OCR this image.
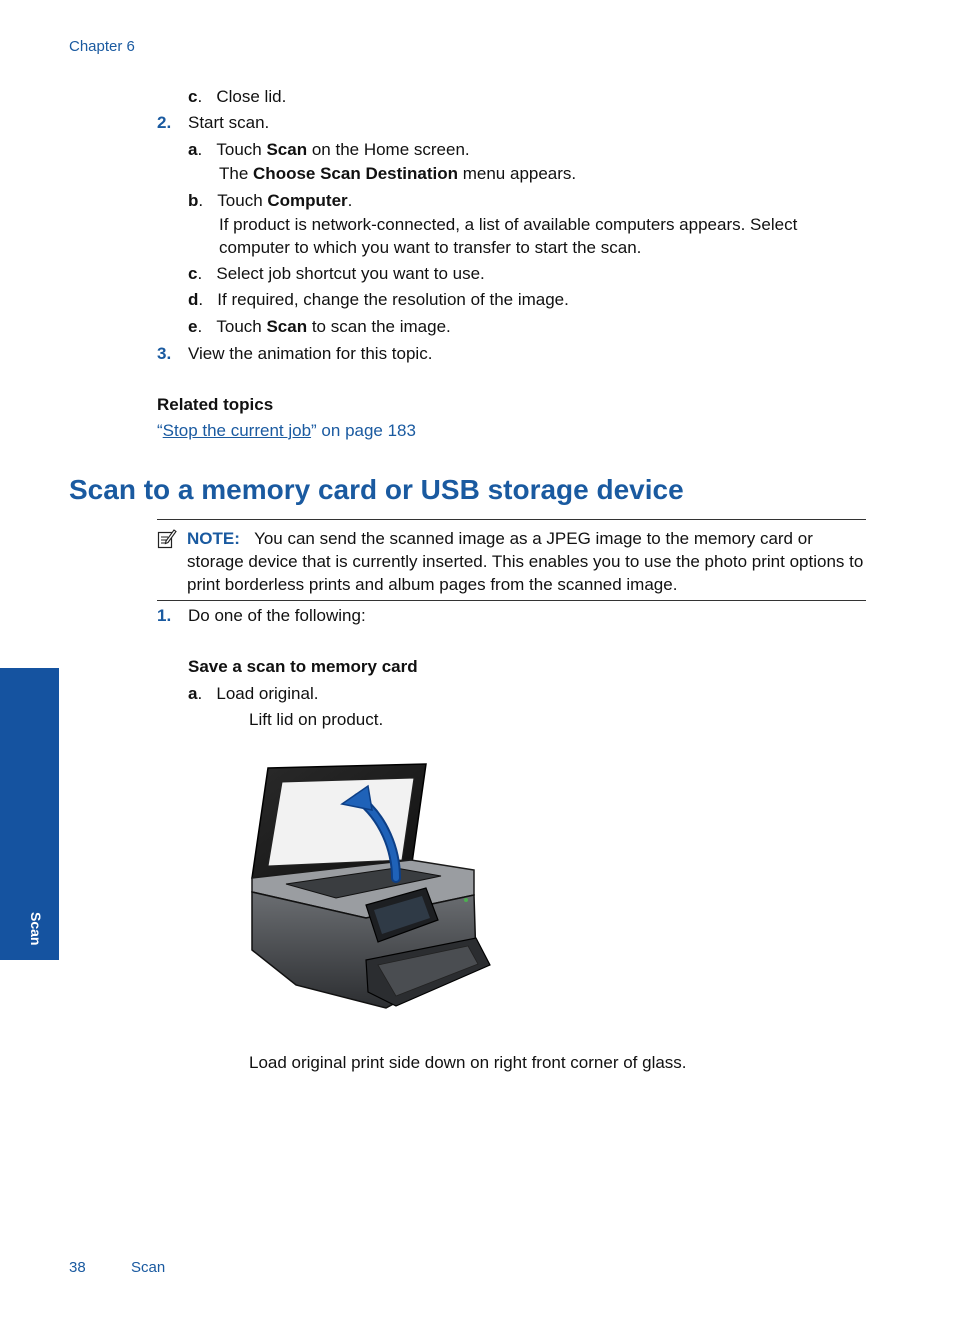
Chapter 6
c.   Close lid.
2. Start scan.
a.   Touch Scan on the Home screen.
The Choose Scan Destination menu appears.
b.   Touch Computer.
If product is network-connected, a list of available computers appears. Select
computer to which you want to transfer to start the scan.
c.   Select job shortcut you want to use.
d.   If required, change the resolution of the image.
e.   Touch Scan to scan the image.
3. View the animation for this topic.
Related topics
“Stop the current job” on page 183
Scan to a memory card or USB storage device
NOTE: You can send the scanned image as a JPEG image to the memory card or storage device that is currently inserted. This enables you to use the photo print options to print borderless prints and album pages from the scanned image.
1. Do one of the following:
Save a scan to memory card
a.   Load original.
Lift lid on product.
Load original print side down on right front corner of glass.
Scan
38	Scan
